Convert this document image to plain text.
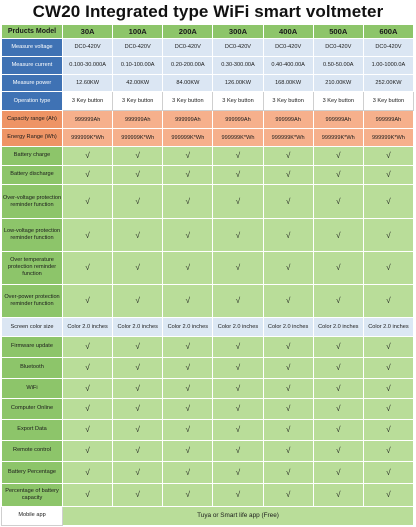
CW20 Integrated type WiFi smart voltmeter
Prducts Model	30A	100A	200A	300A	400A	500A	600A
Measure voltage	DC0-420V	DC0-420V	DC0-420V	DC0-420V	DC0-420V	DC0-420V	DC0-420V
Measure current	0.100-30.000A	0.10-100.00A	0.20-200.00A	0.30-300.00A	0.40-400.00A	0.50-50.00A	1.00-1000.0A
Measure power	12.60KW	42.00KW	84.00KW	126.00KW	168.00KW	210.00KW	252.00KW
Operation type	3 Key button	3 Key button	3 Key button	3 Key button	3 Key button	3 Key button	3 Key button
Capacity range (Ah)	999999Ah	999999Ah	999999Ah	999999Ah	999999Ah	999999Ah	999999Ah
Energy Range (Wh)	999999K*Wh	999999K*Wh	999999K*Wh	999999K*Wh	999999K*Wh	999999K*Wh	999999K*Wh
Battery charge	√	√	√	√	√	√	√
Battery discharge	√	√	√	√	√	√	√
Over-voltage protection reminder function	√	√	√	√	√	√	√
Low-voltage protection reminder function	√	√	√	√	√	√	√
Over temperature protection reminder function	√	√	√	√	√	√	√
Over-power protection reminder function	√	√	√	√	√	√	√
Screen color size	Color 2.0 inches	Color 2.0 inches	Color 2.0 inches	Color 2.0 inches	Color 2.0 inches	Color 2.0 inches	Color 2.0 inches
Firmware update	√	√	√	√	√	√	√
Bluetooth	√	√	√	√	√	√	√
WiFi	√	√	√	√	√	√	√
Computer Online	√	√	√	√	√	√	√
Export Data	√	√	√	√	√	√	√
Remote control	√	√	√	√	√	√	√
Battery Percentage	√	√	√	√	√	√	√
Percentage of battery capacity	√	√	√	√	√	√	√
Mobile app	Tuya or Smart life app (Free)						
